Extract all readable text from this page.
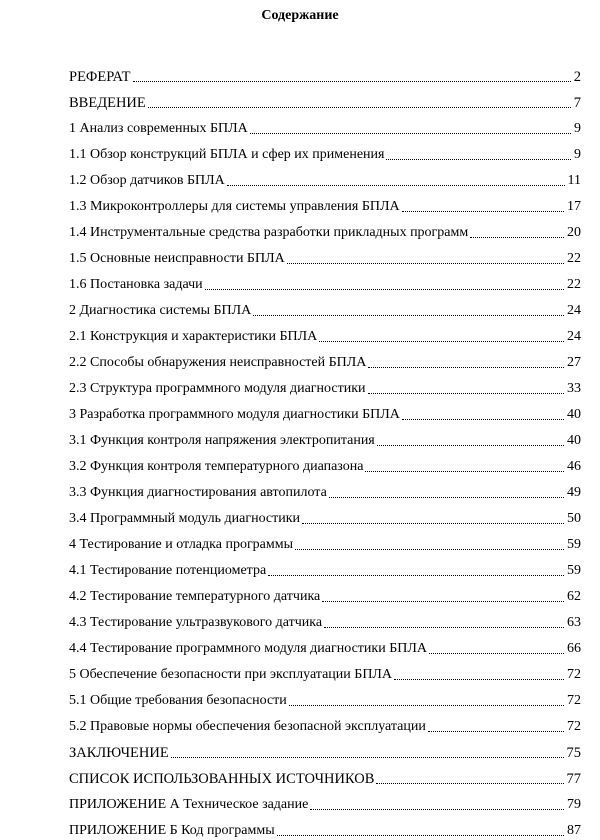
Содержание
РЕФЕРАТ	2
ВВЕДЕНИЕ	7
1 Анализ современных БПЛА	9
1.1 Обзор конструкций БПЛА и сфер их применения	9
1.2 Обзор датчиков БПЛА	11
1.3 Микроконтроллеры для системы управления БПЛА	17
1.4 Инструментальные средства разработки прикладных программ	20
1.5 Основные неисправности БПЛА	22
1.6 Постановка задачи	22
2 Диагностика системы БПЛА	24
2.1 Конструкция и характеристики БПЛА	24
2.2 Способы обнаружения неисправностей БПЛА	27
2.3 Структура программного модуля диагностики	33
3 Разработка программного модуля диагностики БПЛА	40
3.1 Функция контроля напряжения электропитания	40
3.2 Функция контроля температурного диапазона	46
3.3 Функция диагностирования автопилота	49
3.4 Программный модуль диагностики	50
4 Тестирование и отладка программы	59
4.1 Тестирование потенциометра	59
4.2 Тестирование температурного датчика	62
4.3 Тестирование ультразвукового датчика	63
4.4 Тестирование программного модуля диагностики БПЛА	66
5 Обеспечение безопасности при эксплуатации БПЛА	72
5.1 Общие требования безопасности	72
5.2 Правовые нормы обеспечения безопасной эксплуатации	72
ЗАКЛЮЧЕНИЕ	75
СПИСОК ИСПОЛЬЗОВАННЫХ ИСТОЧНИКОВ	77
ПРИЛОЖЕНИЕ А Техническое задание	79
ПРИЛОЖЕНИЕ Б Код программы	87
